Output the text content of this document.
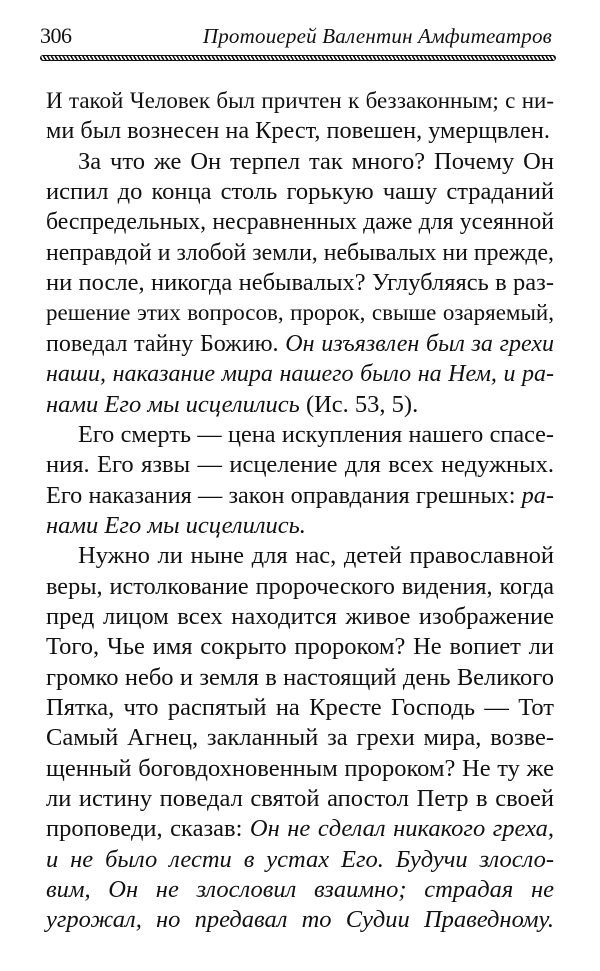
306	Протоиерей Валентин Амфитеатров
И такой Человек был причтен к беззаконным; с ни-
ми был вознесен на Крест, повешен, умерщвлен.
За что же Он терпел так много? Почему Он
испил до конца столь горькую чашу страданий
беспредельных, несравненных даже для усеянной
неправдой и злобой земли, небывалых ни прежде,
ни после, никогда небывалых? Углубляясь в раз-
решение этих вопросов, пророк, свыше озаряемый,
поведал тайну Божию. Он изъязвлен был за грехи
наши, наказание мира нашего было на Нем, и ра-
нами Его мы исцелились (Ис. 53, 5).
Его смерть — цена искупления нашего спасе-
ния. Его язвы — исцеление для всех недужных.
Его наказания — закон оправдания грешных: ра-
нами Его мы исцелились.
Нужно ли ныне для нас, детей православной
веры, истолкование пророческого видения, когда
пред лицом всех находится живое изображение
Того, Чье имя сокрыто пророком? Не вопиет ли
громко небо и земля в настоящий день Великого
Пятка, что распятый на Кресте Господь — Тот
Самый Агнец, закланный за грехи мира, возве-
щенный боговдохновенным пророком? Не ту же
ли истину поведал святой апостол Петр в своей
проповеди, сказав: Он не сделал никакого греха,
и не было лести в устах Его. Будучи злосло-
вим, Он не злословил взаимно; страдая не
угрожал, но предавал то Судии Праведному.
